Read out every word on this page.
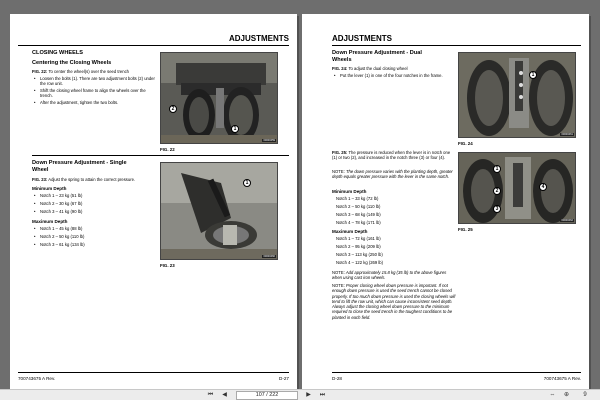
ADJUSTMENTS
CLOSING WHEELS
Centering the Closing Wheels
FIG. 22: To center the wheel(s) over the seed trench
• Loosen the bolts (1). There are two adjustment bolts (2) under the row unit.
• Shift the closing wheel frame to align the wheels over the trench.
• After the adjustment, tighten the two bolts.
2
1
00000459
FIG. 22
Down Pressure Adjustment - Single
Wheel
FIG. 23: Adjust the spring to attain the correct pressure.
Minimum Depth
• Notch 1 – 23 kg (51 lb)
• Notch 2 – 30 kg (67 lb)
• Notch 3 – 41 kg (90 lb)
Maximum Depth
• Notch 1 – 45 kg (88 lb)
• Notch 2 – 50 kg (110 lb)
• Notch 3 – 61 kg (134 lb)
1
00000460
FIG. 23
700743675 A Rev.	D-27
ADJUSTMENTS
Down Pressure Adjustment - Dual
Wheels
FIG. 24: To adjust the dual closing wheel
• Put the lever (1) in one of the four notches in the frame.	1
00000461
FIG. 24
FIG. 25: The pressure is reduced when the lever is in notch one (1) or two (2), and increased in the notch three (3) or four (4).
NOTE: The down pressure varies with the planting depth, greater depth equals greater pressure with the lever in the same notch.
Minimum Depth
Notch 1 – 33 kg (72 lb)
Notch 2 – 50 kg (110 lb)
Notch 3 – 68 kg (149 lb)
Notch 4 – 78 kg (171 lb)
Maximum Depth
Notch 1 – 72 kg (161 lb)
Notch 2 – 95 kg (209 lb)
Notch 3 – 113 kg (250 lb)
Notch 4 – 122 kg (269 lb)
NOTE: Add approximately 15.8 kg (35 lb) to the above figures when using cast iron wheels.
NOTE: Proper closing wheel down pressure is important. If not enough down pressure is used the seed trench cannot be closed properly. If too much down pressure is used the closing wheels will tend to lift the row unit, which can cause inconsistent seed depth. Always adjust the closing wheel down pressure to the minimum required to close the seed trench in the toughest conditions to be planted in each field.
1
2
3
4
00000462
FIG. 25
D-28	700743675 A Rev.
⏮	◀	107 / 222	▶	⏭	⇔	⊕	9
